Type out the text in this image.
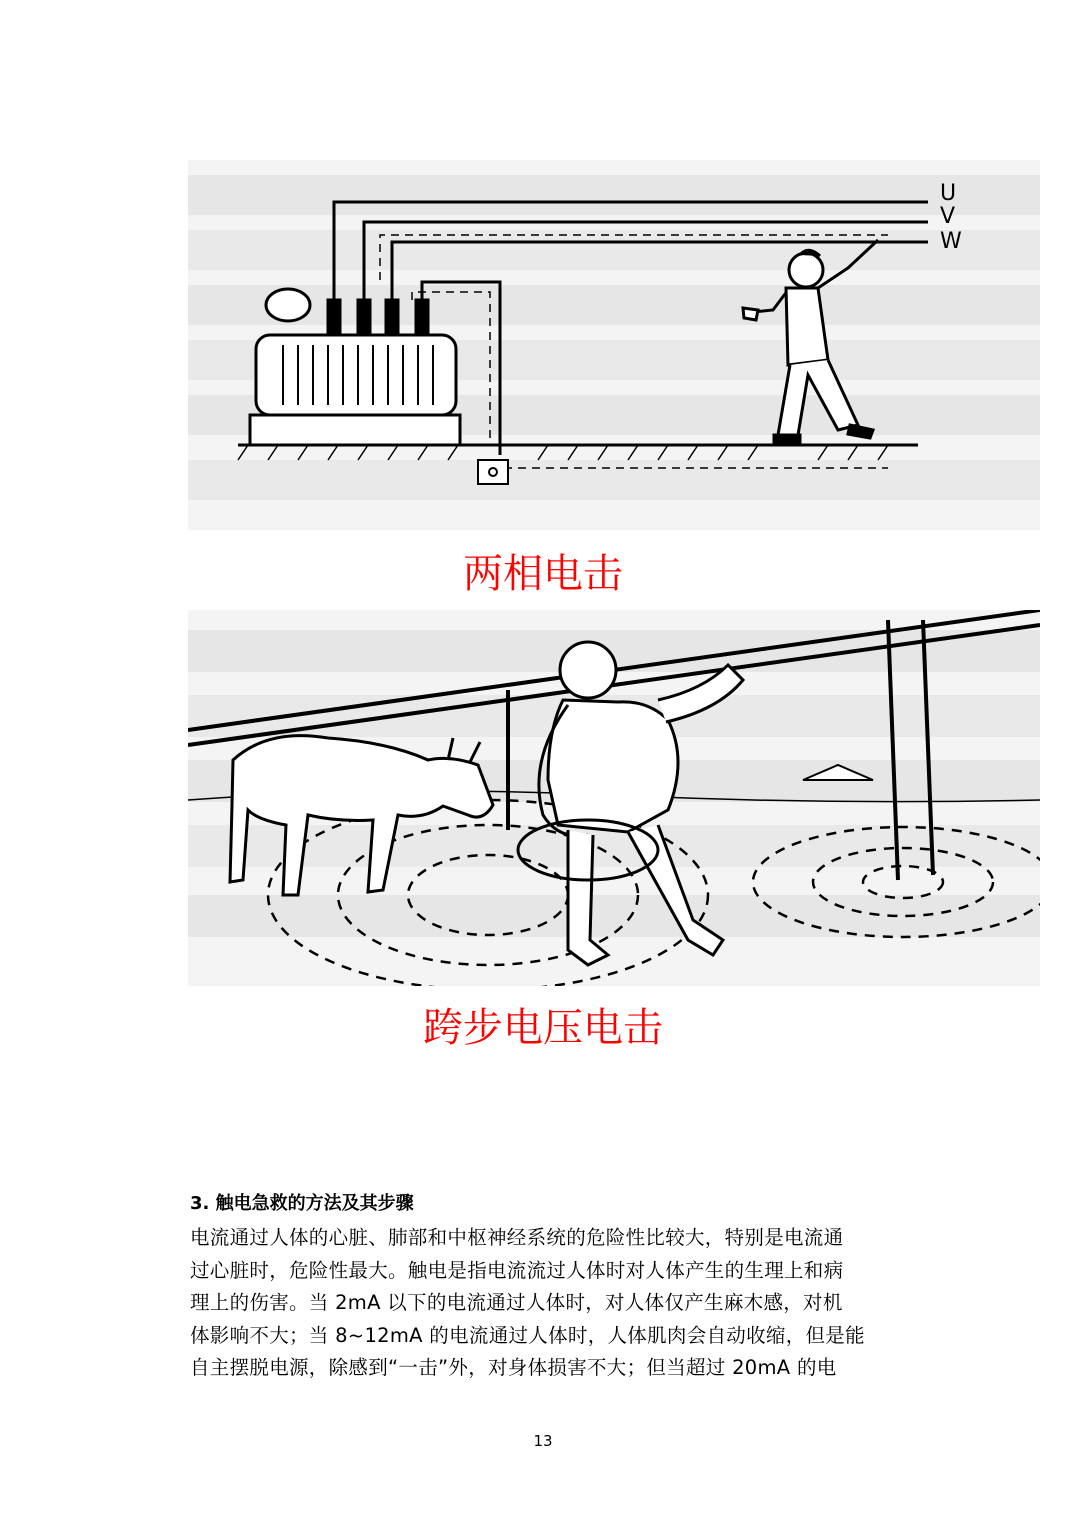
U
V
W
两相电击
跨步电压电击
3. 触电急救的方法及其步骤

电流通过人体的心脏、肺部和中枢神经系统的危险性比较大，特别是电流通
过心脏时，危险性最大。触电是指电流流过人体时对人体产生的生理上和病
理上的伤害。当 2mA 以下的电流通过人体时，对人体仅产生麻木感，对机
体影响不大；当 8~12mA 的电流通过人体时，人体肌肉会自动收缩，但是能
自主摆脱电源，除感到“一击”外，对身体损害不大；但当超过 20mA 的电

13
